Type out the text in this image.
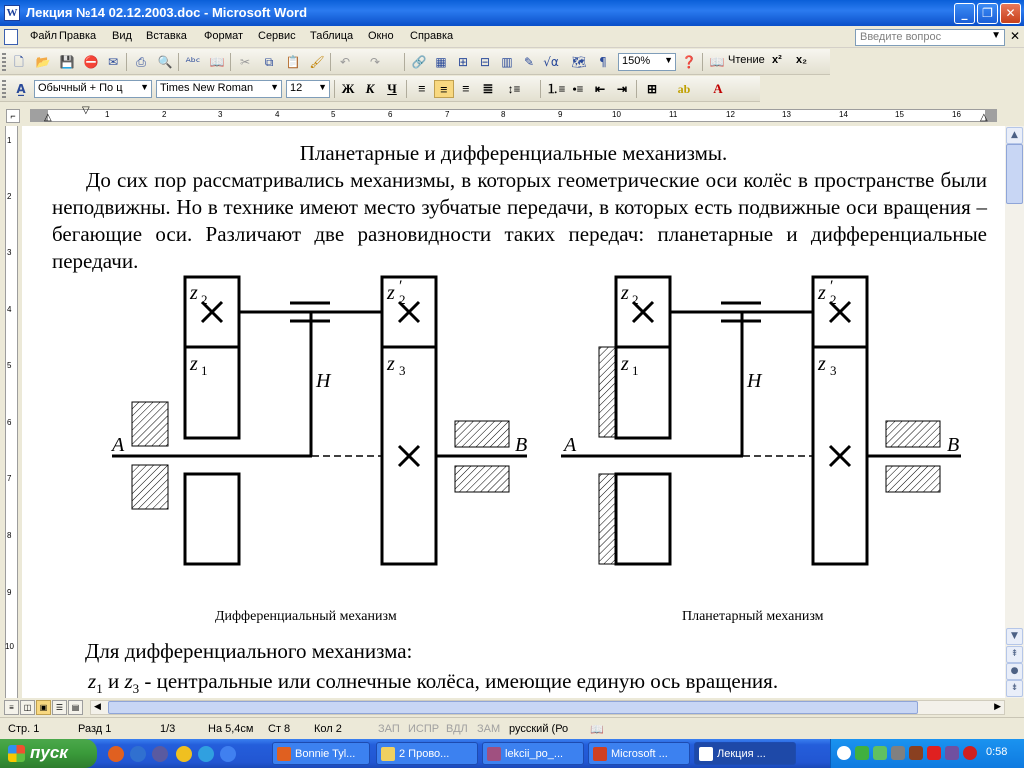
W Лекция №14 02.12.2003.doc - Microsoft Word	_	❐	✕
Файл Правка Вид Вставка Формат Сервис Таблица Окно Справка	✕
Введите вопрос	▼
🗋 📂 💾 ⛔ ✉	⎙ 🔍 ᴬᵇᶜ 📖	✂	⧉	📋 🖌	↶	↷	🔗 ▦ ⊞ ⊟ ▥ ✎ √α 🗺	¶	150% ▼ ❓ 📖 Чтение x² x₂
A̲	Обычный + По ц ▼	Times New Roman ▼	12 ▼ Ж К Ч	≡	≡	≡ ≣	↕≡ ⒈≡ •≡ ⇤ ⇥	⊞	ab	A
⌐	1	2	3	4	5	6	7	8	9	10	11	12	13	14	15	16
▽
△	△
1
2
3
4
5
6
7
8
9
10
Планетарные и дифференциальные механизмы.
До сих пор рассматривались механизмы, в которых геометрические оси колёс в пространстве были неподвижны. Но в технике имеют место зубчатые передачи, в которых есть подвижные оси вращения – бегающие оси. Различают две разновидности таких передач: планетарные и дифференциальные передачи.
z 2	z 2
′
z 1	z 3
H
A	B
z 2	z 2
′
z 1	z 3
H
A	B
Дифференциальный механизм	Планетарный механизм
Для дифференциального механизма:
$z_1$ и $z_3$ - центральные или солнечные колёса, имеющие единую ось вращения.
▲
▼
⇞
●
⇟
≡	◫	▣	☰	▤	◀	▶
Стр. 1	Разд 1	1/3	На 5,4см Ст 8 Кол 2	ЗАП ИСПР ВДЛ ЗАМ русский (Ро 📖
пуск	Bonnie Tyl...	2 Прово...	lekcii_po_...	Microsoft ...	Лекция ...	0:58
